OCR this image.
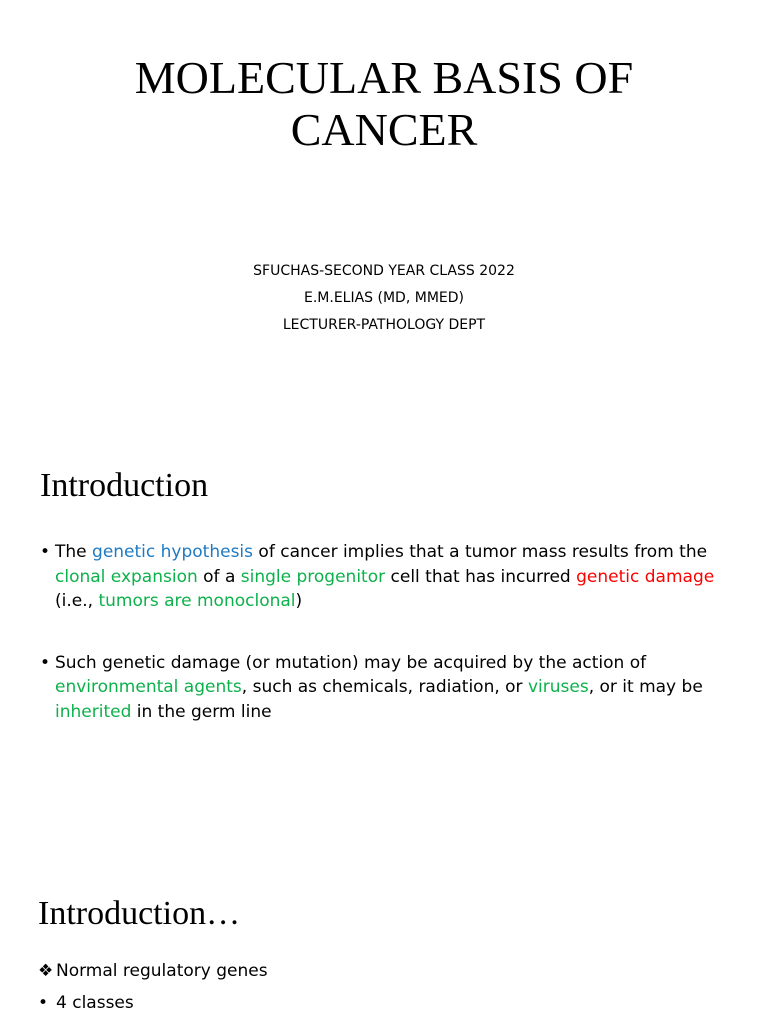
MOLECULAR BASIS OF
CANCER
SFUCHAS-SECOND YEAR CLASS 2022
E.M.ELIAS (MD, MMED)
LECTURER-PATHOLOGY DEPT
Introduction
• The genetic hypothesis of cancer implies that a tumor mass results from the clonal expansion of a single progenitor cell that has incurred genetic damage (i.e., tumors are monoclonal)
• Such genetic damage (or mutation) may be acquired by the action of environmental agents, such as chemicals, radiation, or viruses, or it may be inherited in the germ line
Introduction…
❖ Normal regulatory genes
• 4 classes
